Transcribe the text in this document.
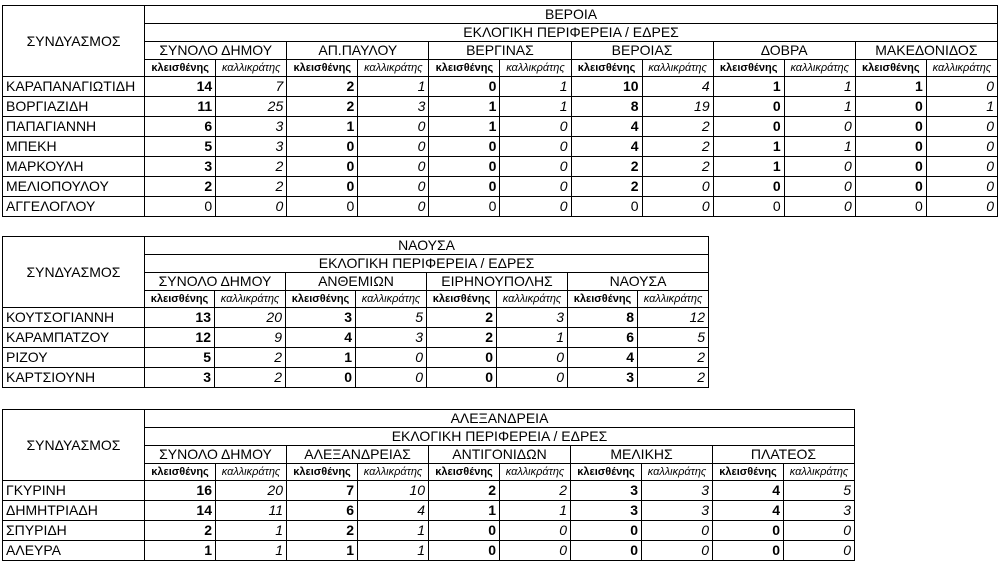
ΣΥΝΔΥΑΣΜΟΣ	ΒΕΡΟΙΑ											
	ΕΚΛΟΓΙΚΗ ΠΕΡΙΦΕΡΕΙΑ / ΕΔΡΕΣ											
	ΣΥΝΟΛΟ ΔΗΜΟΥ		ΑΠ.ΠΑΥΛΟΥ		ΒΕΡΓΙΝΑΣ		ΒΕΡΟΙΑΣ		ΔΟΒΡΑ		ΜΑΚΕΔΟΝΙΔΟΣ	
	κλεισθένης	καλλικράτης	κλεισθένης	καλλικράτης	κλεισθένης	καλλικράτης	κλεισθένης	καλλικράτης	κλεισθένης	καλλικράτης	κλεισθένης	καλλικράτης
ΚΑΡΑΠΑΝΑΓΙΩΤΙΔΗ	14	7	2	1	0	1	10	4	1	1	1	0
ΒΟΡΓΙΑΖΙΔΗ	11	25	2	3	1	1	8	19	0	1	0	1
ΠΑΠΑΓΙΑΝΝΗ	6	3	1	0	1	0	4	2	0	0	0	0
ΜΠΕΚΗ	5	3	0	0	0	0	4	2	1	1	0	0
ΜΑΡΚΟΥΛΗ	3	2	0	0	0	0	2	2	1	0	0	0
ΜΕΛΙΟΠΟΥΛΟΥ	2	2	0	0	0	0	2	0	0	0	0	0
ΑΓΓΕΛΟΓΛΟΥ	0	0	0	0	0	0	0	0	0	0	0	0
ΣΥΝΔΥΑΣΜΟΣ	ΝΑΟΥΣΑ							
	ΕΚΛΟΓΙΚΗ ΠΕΡΙΦΕΡΕΙΑ / ΕΔΡΕΣ							
	ΣΥΝΟΛΟ ΔΗΜΟΥ		ΑΝΘΕΜΙΩΝ		ΕΙΡΗΝΟΥΠΟΛΗΣ		ΝΑΟΥΣΑ	
	κλεισθένης	καλλικράτης	κλεισθένης	καλλικράτης	κλεισθένης	καλλικράτης	κλεισθένης	καλλικράτης
ΚΟΥΤΣΟΓΙΑΝΝΗ	13	20	3	5	2	3	8	12
ΚΑΡΑΜΠΑΤΖΟΥ	12	9	4	3	2	1	6	5
ΡΙΖΟΥ	5	2	1	0	0	0	4	2
ΚΑΡΤΣΙΟΥΝΗ	3	2	0	0	0	0	3	2
ΣΥΝΔΥΑΣΜΟΣ	ΑΛΕΞΑΝΔΡΕΙΑ									
	ΕΚΛΟΓΙΚΗ ΠΕΡΙΦΕΡΕΙΑ / ΕΔΡΕΣ									
	ΣΥΝΟΛΟ ΔΗΜΟΥ		ΑΛΕΞΑΝΔΡΕΙΑΣ		ΑΝΤΙΓΟΝΙΔΩΝ		ΜΕΛΙΚΗΣ		ΠΛΑΤΕΟΣ	
	κλεισθένης	καλλικράτης	κλεισθένης	καλλικράτης	κλεισθένης	καλλικράτης	κλεισθένης	καλλικράτης	κλεισθένης	καλλικράτης
ΓΚΥΡΙΝΗ	16	20	7	10	2	2	3	3	4	5
ΔΗΜΗΤΡΙΑΔΗ	14	11	6	4	1	1	3	3	4	3
ΣΠΥΡΙΔΗ	2	1	2	1	0	0	0	0	0	0
ΑΛΕΥΡΑ	1	1	1	1	0	0	0	0	0	0
